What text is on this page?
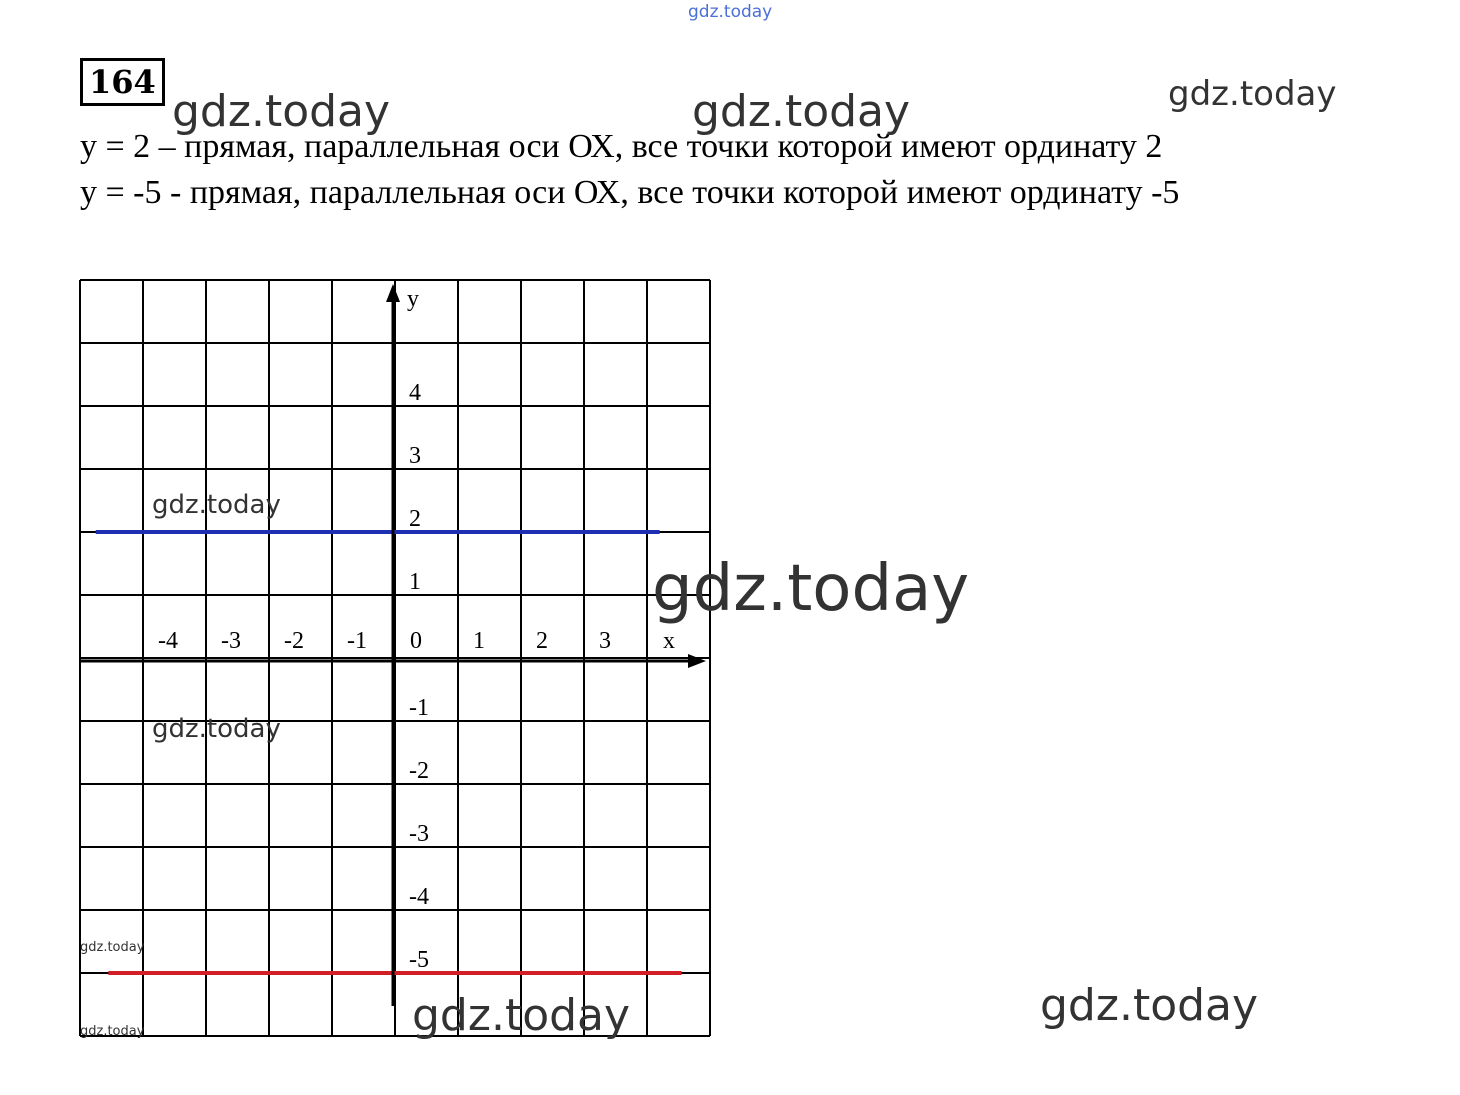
gdz.today
gdz.today
164
y = 2 – прямая, параллельная оси ОХ, все точки которой имеют ординату 2
y = -5 - прямая, параллельная оси ОХ, все точки которой имеют ординату -5
gdz.today	gdz.today
x
y
-4 -3 -2 -1 0 1 2 3
4
3
2
1
-1
-2
-3
-4
-5
gdz.today
gdz.today
gdz.today
gdz.today
gdz.today
gdz.today	gdz.today
